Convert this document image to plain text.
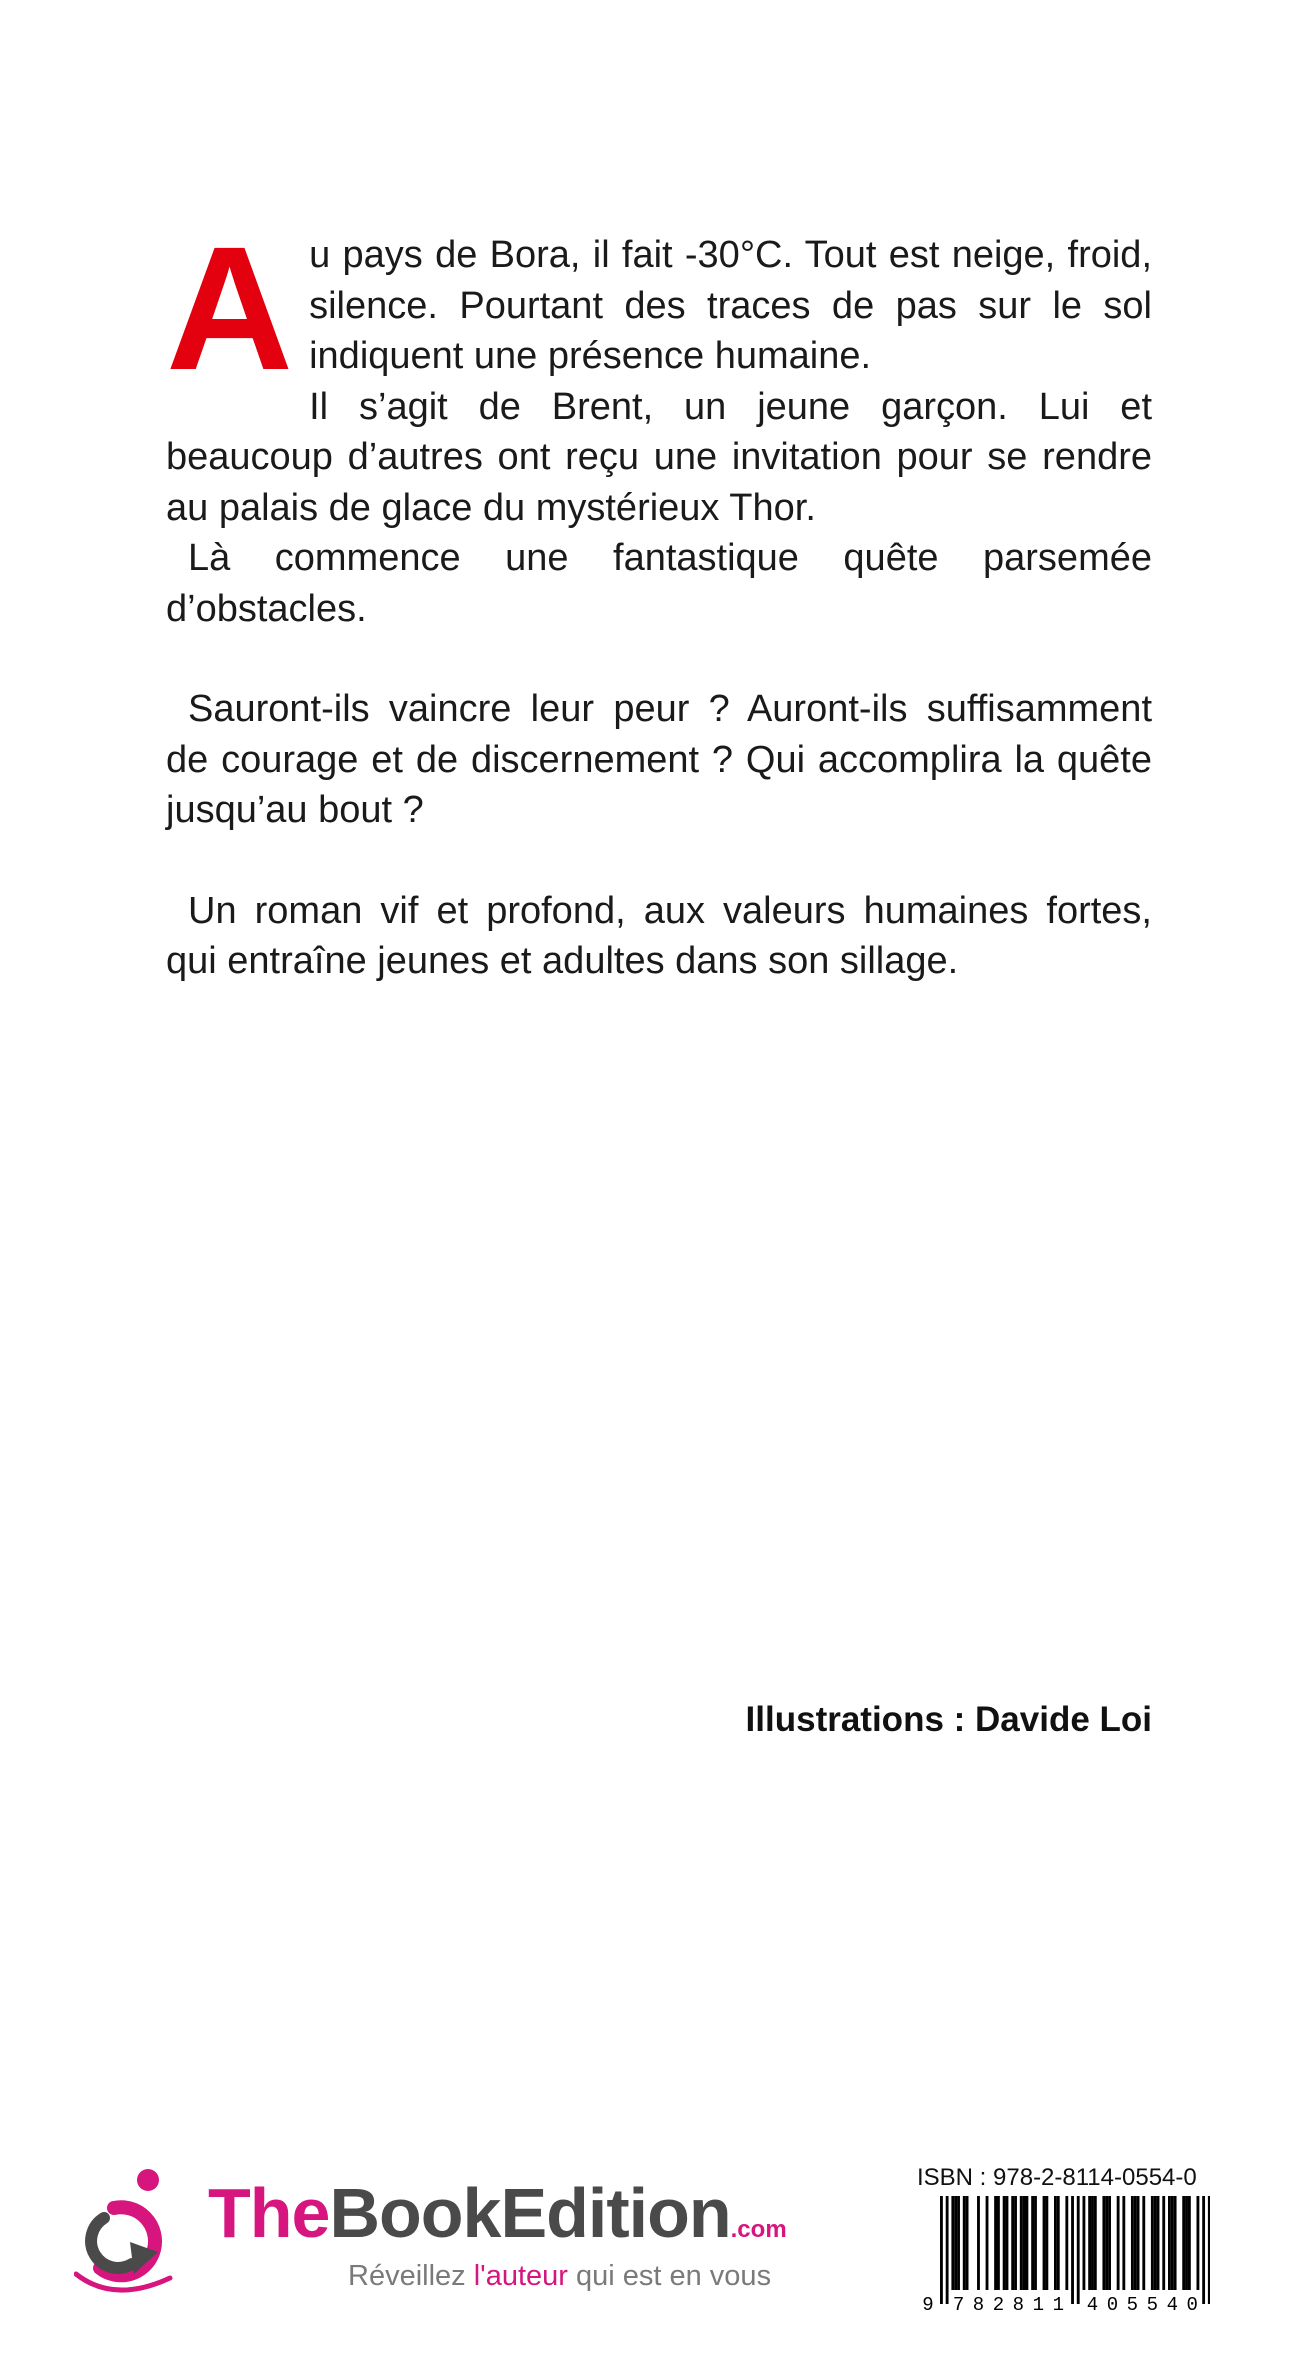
A u pays de Bora, il fait -30°C. Tout est neige, froid, silence. Pourtant des traces de pas sur le sol indiquent une présence humaine.

Il s’agit de Brent, un jeune garçon. Lui et beaucoup d’autres ont reçu une invitation pour se rendre au palais de glace du mystérieux Thor.

Là commence une fantastique quête parsemée d’obstacles.

Sauront-ils vaincre leur peur ? Auront-ils suffisamment de courage et de discernement ? Qui accomplira la quête jusqu’au bout ?

Un roman vif et profond, aux valeurs humaines fortes, qui entraîne jeunes et adultes dans son sillage.

Illustrations : Davide Loi
TheBookEdition.com
Réveillez l'auteur qui est en vous
ISBN : 978-2-8114-0554-0
9 7 8 2 8 1 1 4 0 5 5 4 0
